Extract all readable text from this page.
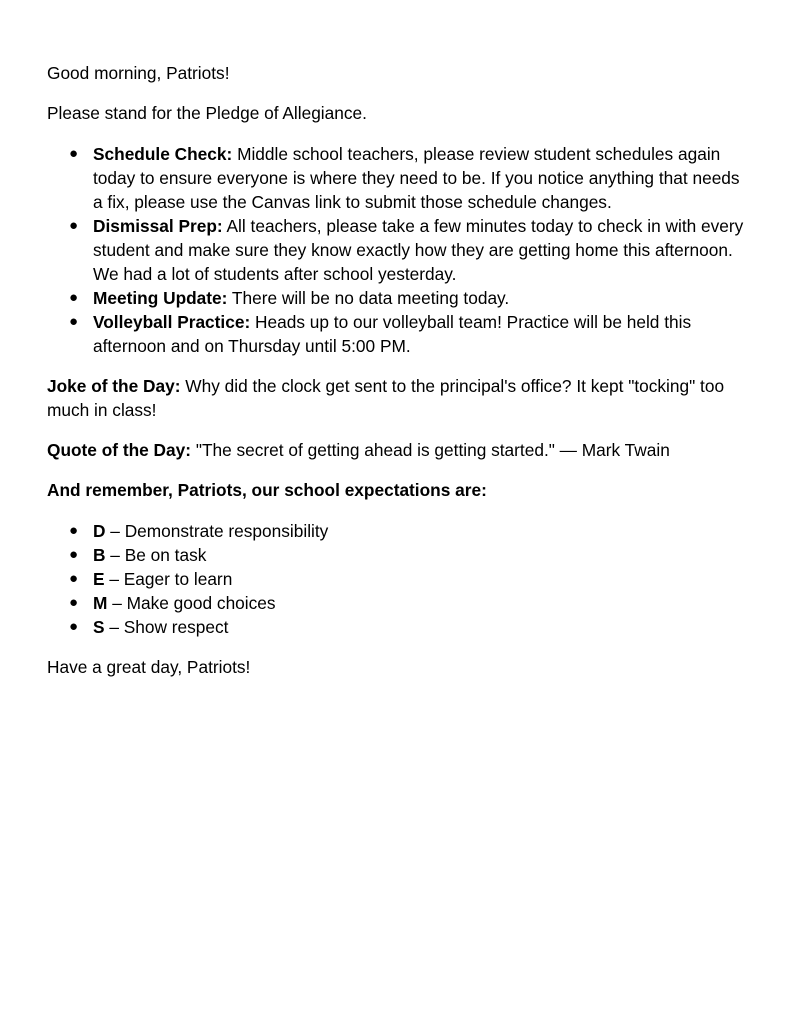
Good morning, Patriots!

Please stand for the Pledge of Allegiance.

● Schedule Check: Middle school teachers, please review student schedules again today to ensure everyone is where they need to be. If you notice anything that needs a fix, please use the Canvas link to submit those schedule changes.
● Dismissal Prep: All teachers, please take a few minutes today to check in with every student and make sure they know exactly how they are getting home this afternoon. We had a lot of students after school yesterday.
● Meeting Update: There will be no data meeting today.
● Volleyball Practice: Heads up to our volleyball team! Practice will be held this afternoon and on Thursday until 5:00 PM.

Joke of the Day: Why did the clock get sent to the principal's office? It kept "tocking" too much in class!

Quote of the Day: "The secret of getting ahead is getting started." — Mark Twain

And remember, Patriots, our school expectations are:

● D – Demonstrate responsibility
● B – Be on task
● E – Eager to learn
● M – Make good choices
● S – Show respect

Have a great day, Patriots!
